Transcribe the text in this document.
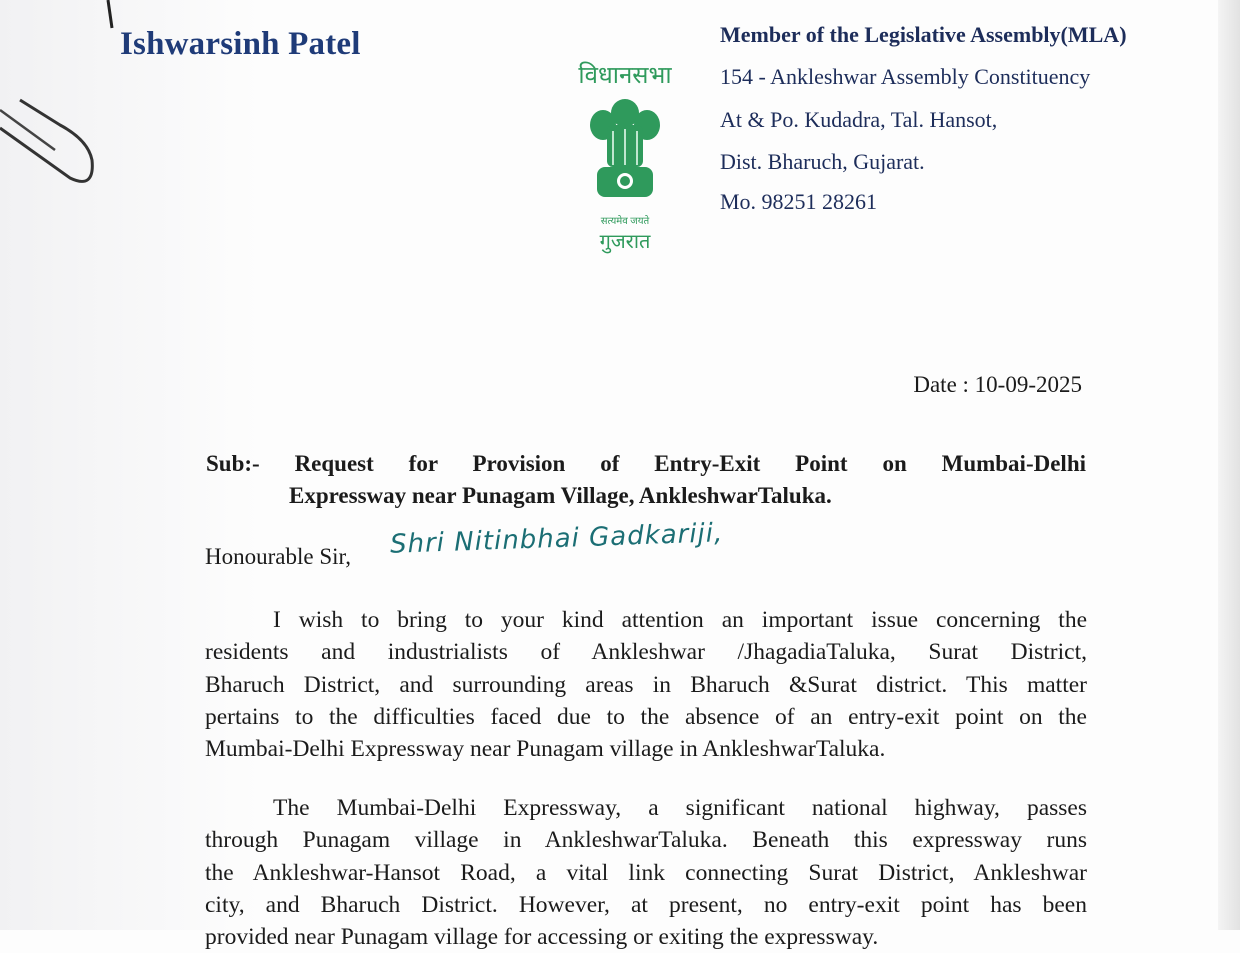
Ishwarsinh Patel
विधानसभा
सत्यमेव जयते
गुजरात
Member of the Legislative Assembly(MLA)
154 - Ankleshwar Assembly Constituency
At & Po. Kudadra, Tal. Hansot,
Dist. Bharuch, Gujarat.
Mo. 98251 28261
Date : 10-09-2025
Sub:-  Request  for  Provision  of  Entry-Exit  Point  on  Mumbai-Delhi
Expressway near Punagam Village, AnkleshwarTaluka.
Honourable Sir, Shri Nitinbhai Gadkariji,
I wish to bring to your kind attention an important issue concerning the
residents and industrialists of Ankleshwar /JhagadiaTaluka, Surat District,
Bharuch District, and surrounding areas in Bharuch &Surat district. This matter
pertains to the difficulties faced due to the absence of an entry-exit point on the
Mumbai-Delhi Expressway near Punagam village in AnkleshwarTaluka.
The Mumbai-Delhi Expressway, a significant national highway, passes
through Punagam village in AnkleshwarTaluka. Beneath this expressway runs
the Ankleshwar-Hansot Road, a vital link connecting Surat District, Ankleshwar
city, and Bharuch District. However, at present, no entry-exit point has been
provided near Punagam village for accessing or exiting the expressway.
